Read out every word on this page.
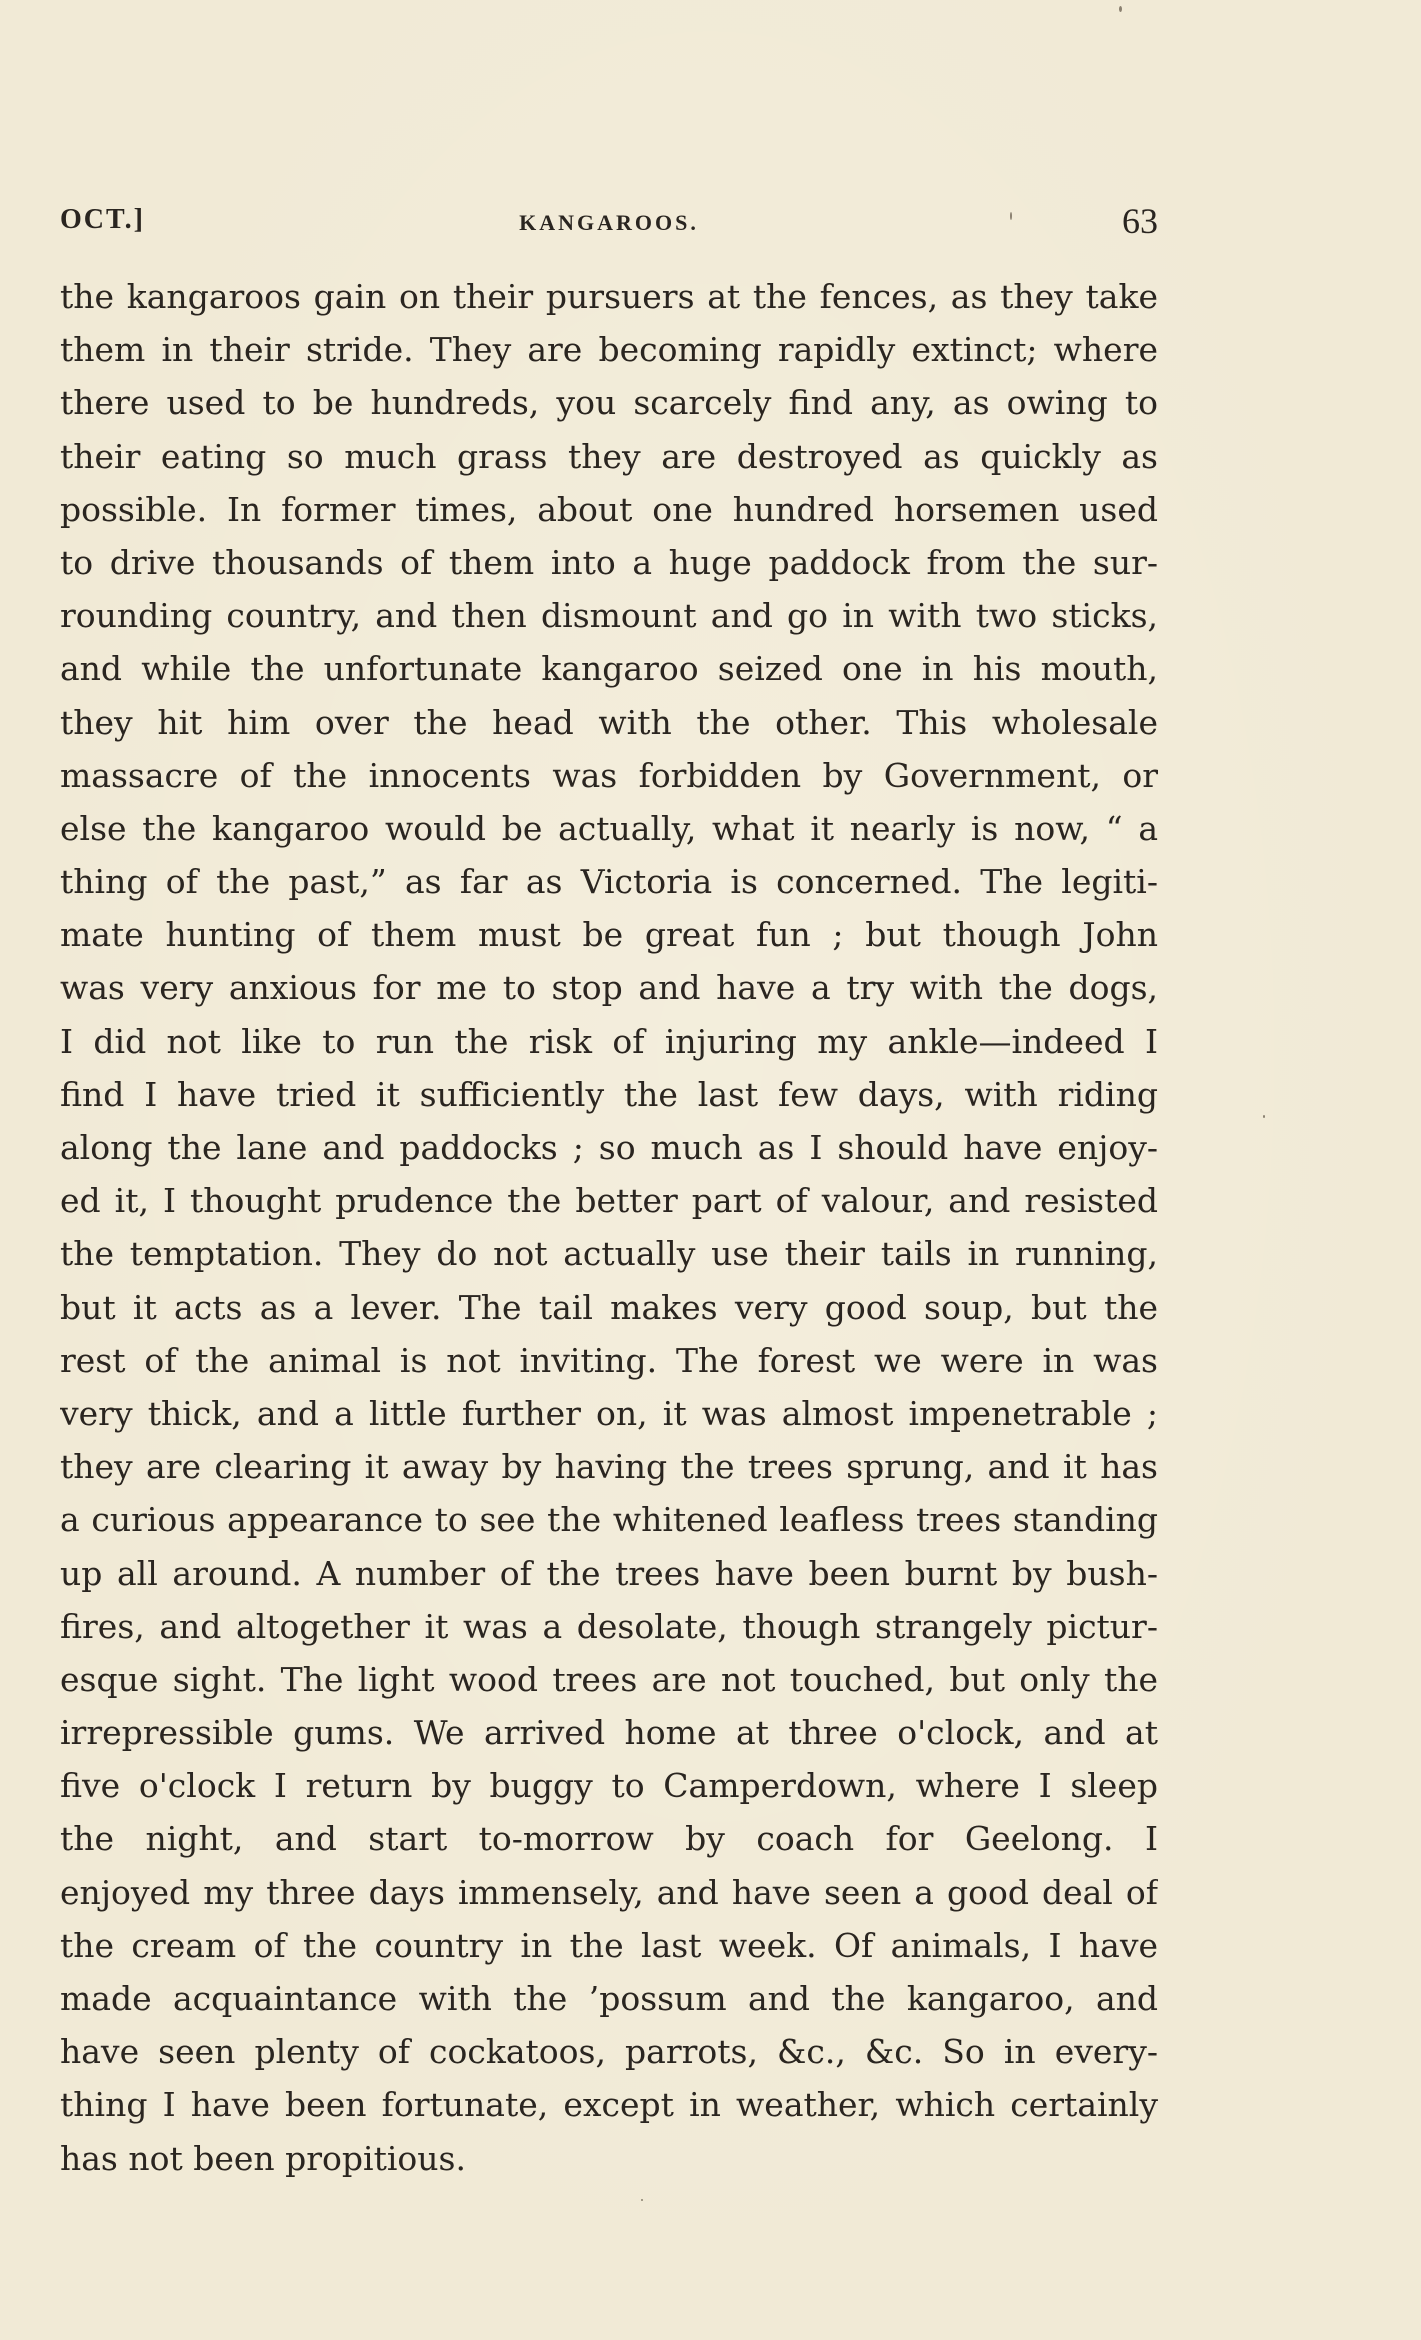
OCT.]	KANGAROOS.	63
the kangaroos gain on their pursuers at the fences, as they take
them in their stride. They are becoming rapidly extinct; where
there used to be hundreds, you scarcely find any, as owing to
their eating so much grass they are destroyed as quickly as
possible. In former times, about one hundred horsemen used
to drive thousands of them into a huge paddock from the sur-
rounding country, and then dismount and go in with two sticks,
and while the unfortunate kangaroo seized one in his mouth,
they hit him over the head with the other. This wholesale
massacre of the innocents was forbidden by Government, or
else the kangaroo would be actually, what it nearly is now, “ a
thing of the past,” as far as Victoria is concerned. The legiti-
mate hunting of them must be great fun ; but though John
was very anxious for me to stop and have a try with the dogs,
I did not like to run the risk of injuring my ankle—indeed I
find I have tried it sufficiently the last few days, with riding
along the lane and paddocks ; so much as I should have enjoy-
ed it, I thought prudence the better part of valour, and resisted
the temptation. They do not actually use their tails in running,
but it acts as a lever. The tail makes very good soup, but the
rest of the animal is not inviting. The forest we were in was
very thick, and a little further on, it was almost impenetrable ;
they are clearing it away by having the trees sprung, and it has
a curious appearance to see the whitened leafless trees standing
up all around. A number of the trees have been burnt by bush-
fires, and altogether it was a desolate, though strangely pictur-
esque sight. The light wood trees are not touched, but only the
irrepressible gums. We arrived home at three o'clock, and at
five o'clock I return by buggy to Camperdown, where I sleep
the night, and start to-morrow by coach for Geelong. I
enjoyed my three days immensely, and have seen a good deal of
the cream of the country in the last week. Of animals, I have
made acquaintance with the ’possum and the kangaroo, and
have seen plenty of cockatoos, parrots, &c., &c. So in every-
thing I have been fortunate, except in weather, which certainly
has not been propitious.
